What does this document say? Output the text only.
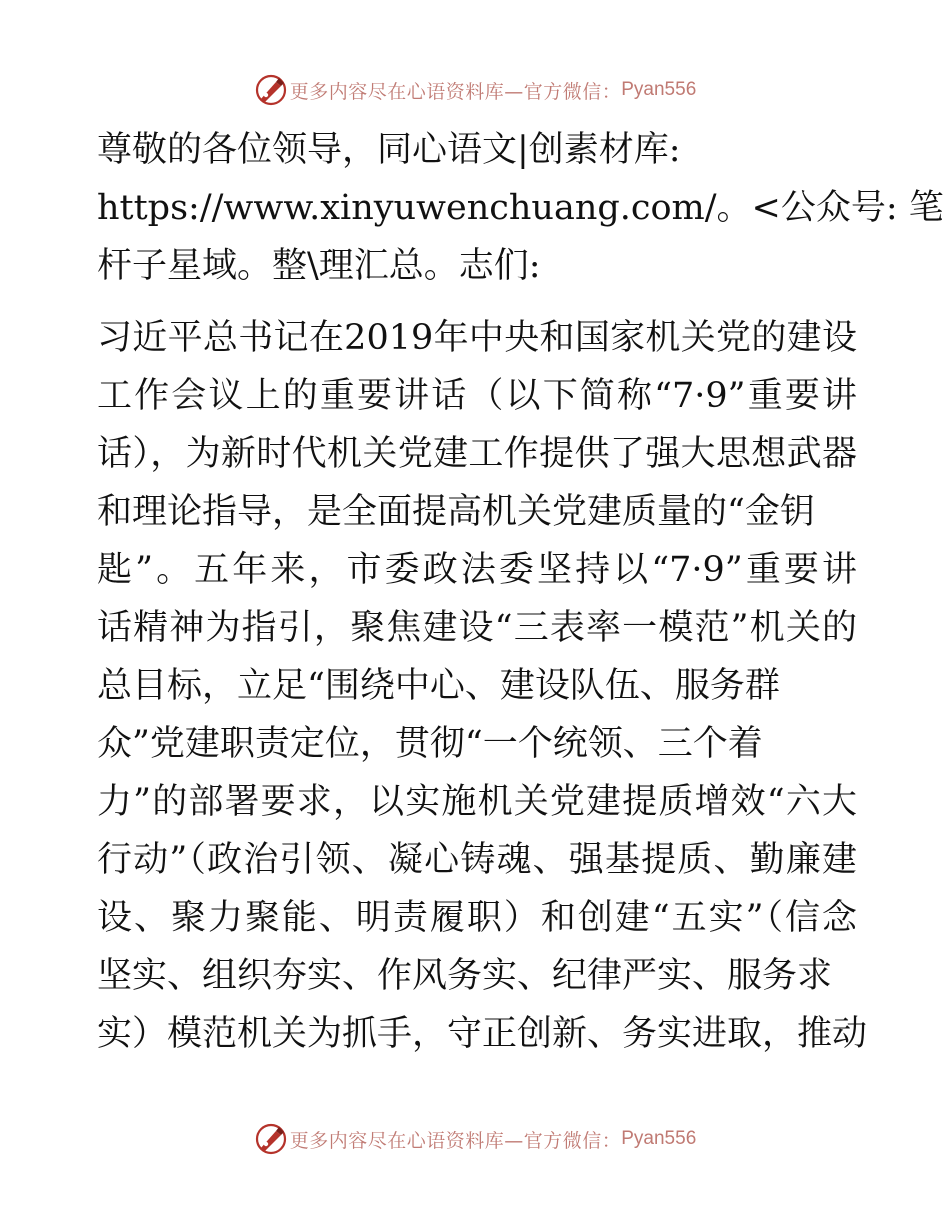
更多内容尽在心语资料库—官方微信： Pyan556
尊敬的各位领导，同心语文|创素材库:
https://www.xinyuwenchuang.com/。<公众号: 笔
杆子星域。整\理汇总。志们:
习近平总书记在2019年中央和国家机关党的建设
工作会议上的重要讲话（以下简称“7·9”重要讲
话），为新时代机关党建工作提供了强大思想武器
和理论指导，是全面提高机关党建质量的“金钥
匙”。五年来，市委政法委坚持以“7·9”重要讲
话精神为指引，聚焦建设“三表率一模范”机关的
总目标，立足“围绕中心、建设队伍、服务群
众”党建职责定位，贯彻“一个统领、三个着
力”的部署要求，以实施机关党建提质增效“六大
行动”（政治引领、凝心铸魂、强基提质、勤廉建
设、聚力聚能、明责履职）和创建“五实”（信念
坚实、组织夯实、作风务实、纪律严实、服务求
实）模范机关为抓手，守正创新、务实进取，推动
更多内容尽在心语资料库—官方微信： Pyan556
